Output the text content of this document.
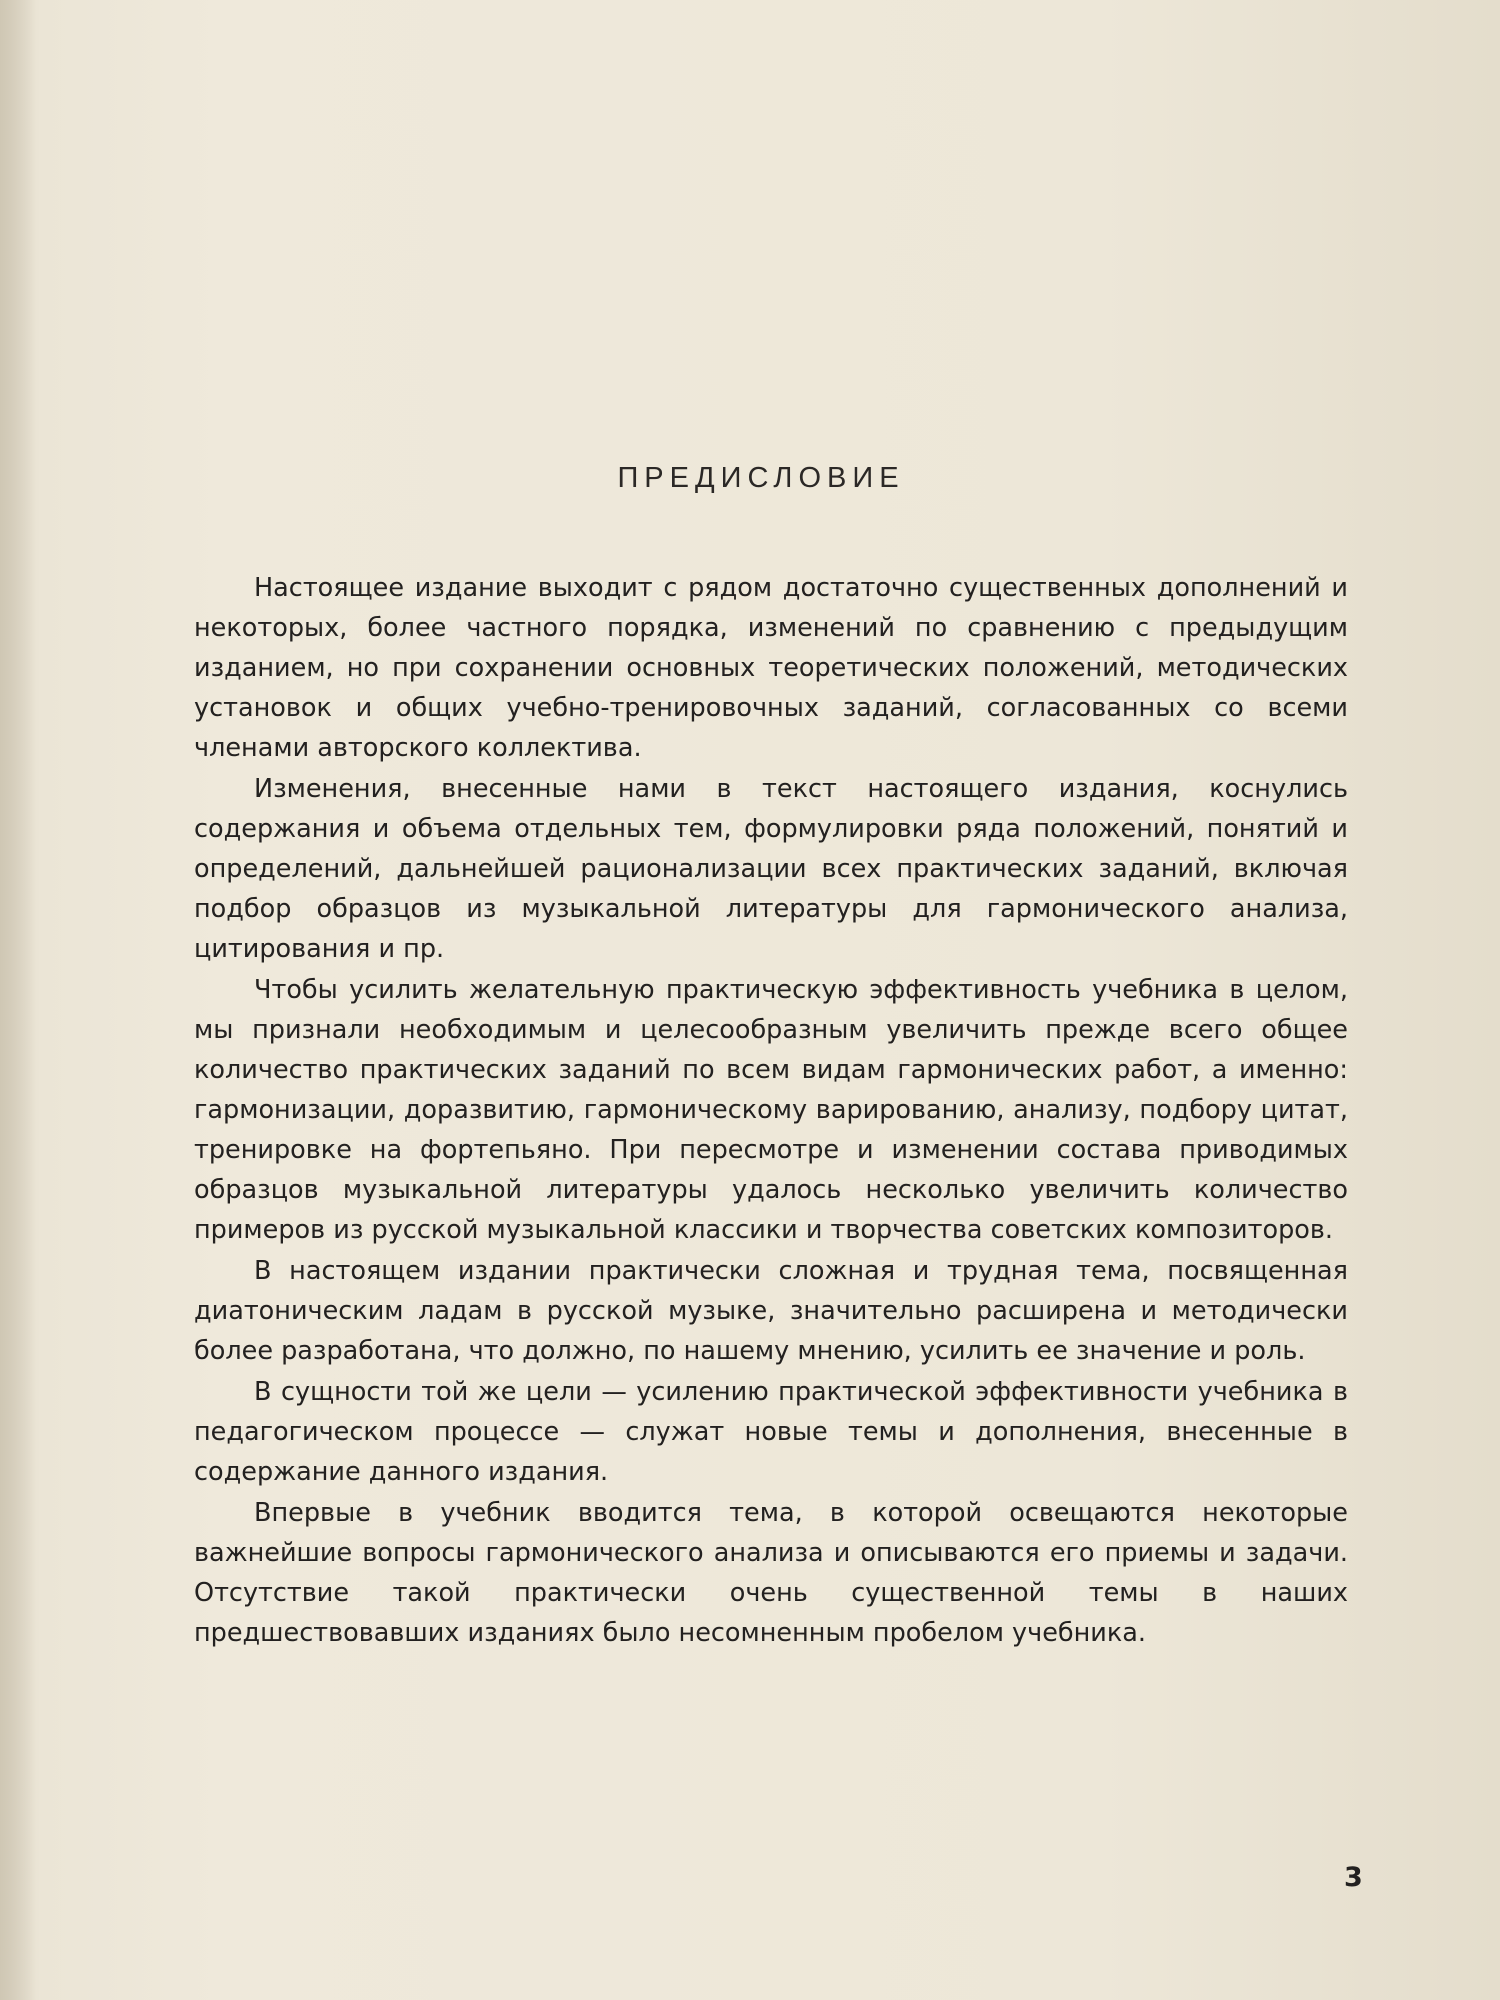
ПРЕДИСЛОВИЕ

Настоящее издание выходит с рядом достаточно существенных дополнений и некоторых, более частного порядка, изменений по сравнению с предыдущим изданием, но при сохранении основных теоретических положений, методических установок и общих учебно-тренировочных заданий, согласованных со всеми членами авторского коллектива.

Изменения, внесенные нами в текст настоящего издания, коснулись содержания и объема отдельных тем, формулировки ряда положений, понятий и определений, дальнейшей рационализации всех практических заданий, включая подбор образцов из музыкальной литературы для гармонического анализа, цитирования и пр.

Чтобы усилить желательную практическую эффективность учебника в целом, мы признали необходимым и целесообразным увеличить прежде всего общее количество практических заданий по всем видам гармонических работ, а именно: гармонизации, доразвитию, гармоническому варированию, анализу, подбору цитат, тренировке на фортепьяно. При пересмотре и изменении состава приводимых образцов музыкальной литературы удалось несколько увеличить количество примеров из русской музыкальной классики и творчества советских композиторов.

В настоящем издании практически сложная и трудная тема, посвященная диатоническим ладам в русской музыке, значительно расширена и методически более разработана, что должно, по нашему мнению, усилить ее значение и роль.

В сущности той же цели — усилению практической эффективности учебника в педагогическом процессе — служат новые темы и дополнения, внесенные в содержание данного издания.

Впервые в учебник вводится тема, в которой освещаются некоторые важнейшие вопросы гармонического анализа и описываются его приемы и задачи. Отсутствие такой практически очень существенной темы в наших предшествовавших изданиях было несомненным пробелом учебника.

3
